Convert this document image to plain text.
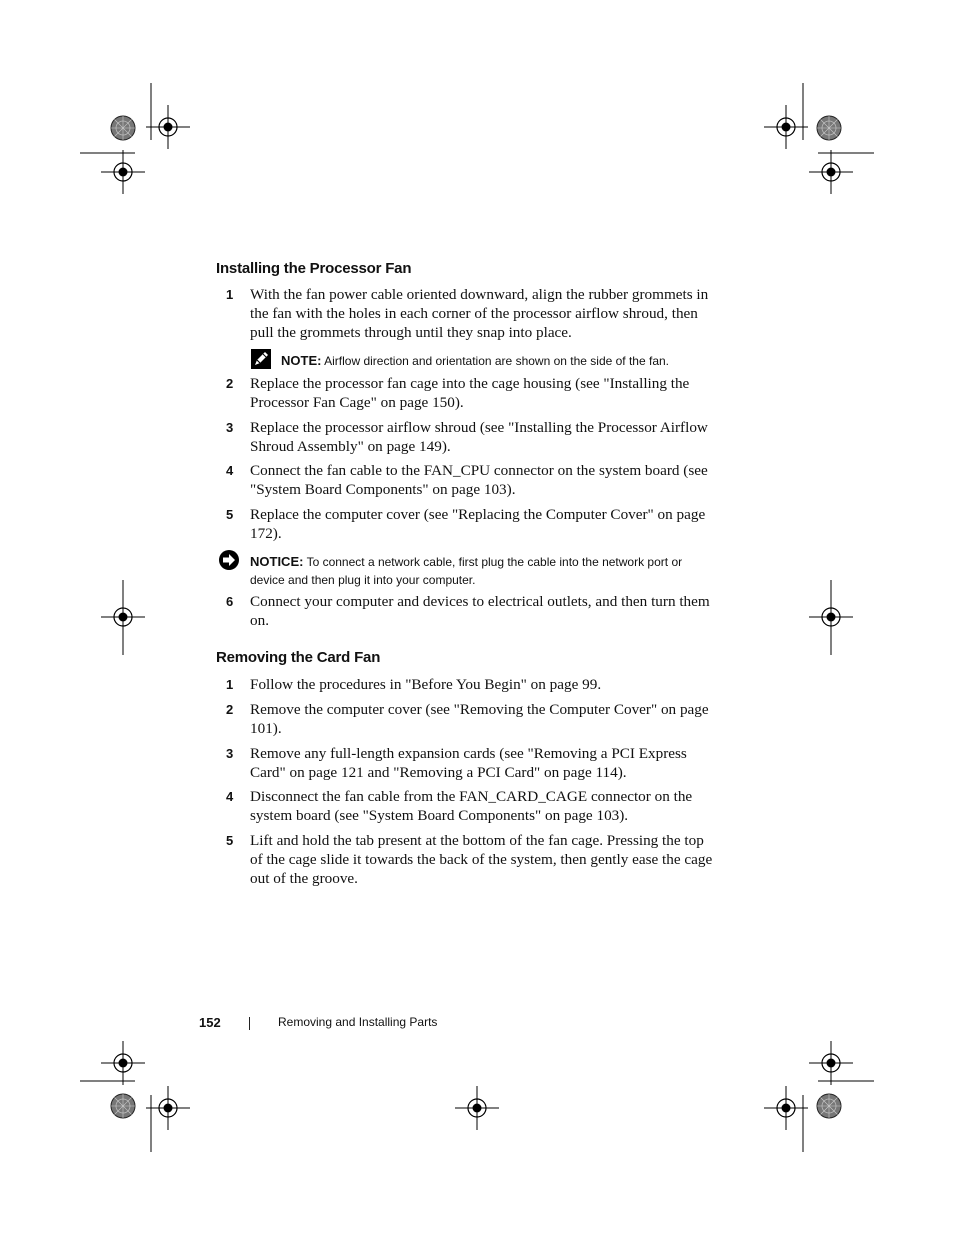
Installing the Processor Fan
1 With the fan power cable oriented downward, align the rubber grommets in the fan with the holes in each corner of the processor airflow shroud, then pull the grommets through until they snap into place.
NOTE: Airflow direction and orientation are shown on the side of the fan.
2 Replace the processor fan cage into the cage housing (see "Installing the Processor Fan Cage" on page 150).
3 Replace the processor airflow shroud (see "Installing the Processor Airflow Shroud Assembly" on page 149).
4 Connect the fan cable to the FAN_CPU connector on the system board (see "System Board Components" on page 103).
5 Replace the computer cover (see "Replacing the Computer Cover" on page 172).
NOTICE: To connect a network cable, first plug the cable into the network port or device and then plug it into your computer.
6 Connect your computer and devices to electrical outlets, and then turn them on.
Removing the Card Fan
1 Follow the procedures in "Before You Begin" on page 99.
2 Remove the computer cover (see "Removing the Computer Cover" on page 101).
3 Remove any full-length expansion cards (see "Removing a PCI Express Card" on page 121 and "Removing a PCI Card" on page 114).
4 Disconnect the fan cable from the FAN_CARD_CAGE connector on the system board (see "System Board Components" on page 103).
5 Lift and hold the tab present at the bottom of the fan cage. Pressing the top of the cage slide it towards the back of the system, then gently ease the cage out of the groove.
152	Removing and Installing Parts
